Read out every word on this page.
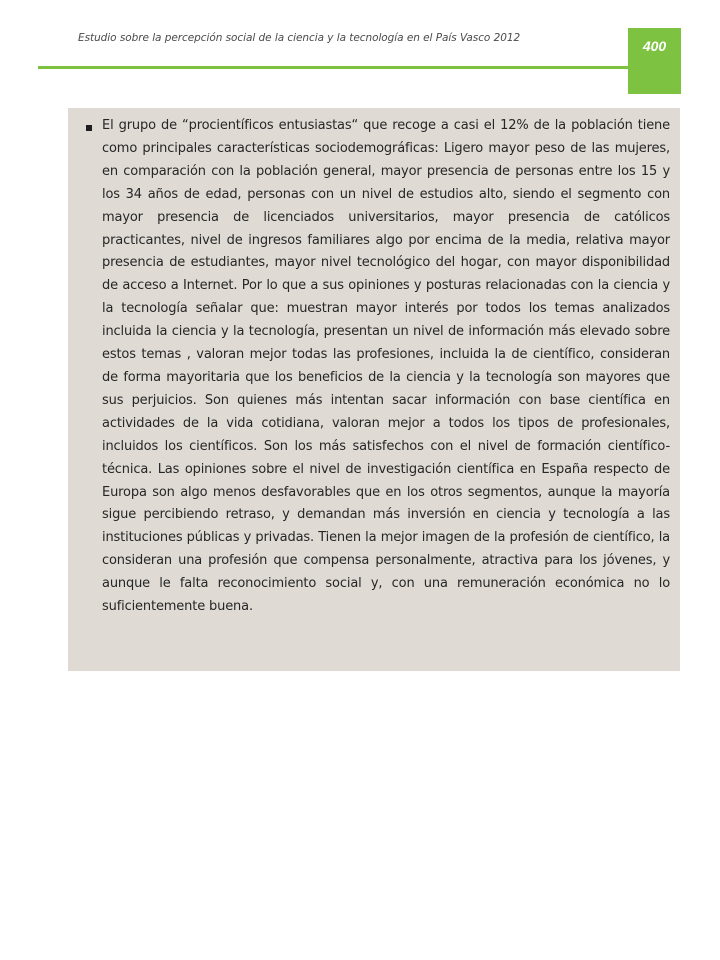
Estudio sobre la percepción social de la ciencia y la tecnología en el País Vasco 2012	400

El grupo de “procientíficos entusiastas“ que recoge a casi el 12% de la población tiene como principales características sociodemográficas: Ligero mayor peso de las mujeres, en comparación con la población general, mayor presencia de personas entre los 15 y los 34 años de edad, personas con un nivel de estudios alto, siendo el segmento con mayor presencia de licenciados universitarios, mayor presencia de católicos practicantes, nivel de ingresos familiares algo por encima de la media, relativa mayor presencia de estudiantes, mayor nivel tecnológico del hogar, con mayor disponibilidad de acceso a Internet. Por lo que a sus opiniones y posturas relacionadas con la ciencia y la tecnología señalar que: muestran mayor interés por todos los temas analizados incluida la ciencia y la tecnología, presentan un nivel de información más elevado sobre estos temas , valoran mejor todas las profesiones, incluida la de científico, consideran de forma mayoritaria que los beneficios de la ciencia y la tecnología son mayores que sus perjuicios. Son quienes más intentan sacar información con base científica en actividades de la vida cotidiana, valoran mejor a todos los tipos de profesionales, incluidos los científicos. Son los más satisfechos con el nivel de formación científico-técnica. Las opiniones sobre el nivel de investigación científica en España respecto de Europa son algo menos desfavorables que en los otros segmentos, aunque la mayoría sigue percibiendo retraso, y demandan más inversión en ciencia y tecnología a las instituciones públicas y privadas. Tienen la mejor imagen de la profesión de científico, la consideran una profesión que compensa personalmente, atractiva para los jóvenes, y aunque le falta reconocimiento social y, con una remuneración económica no lo suficientemente buena.
